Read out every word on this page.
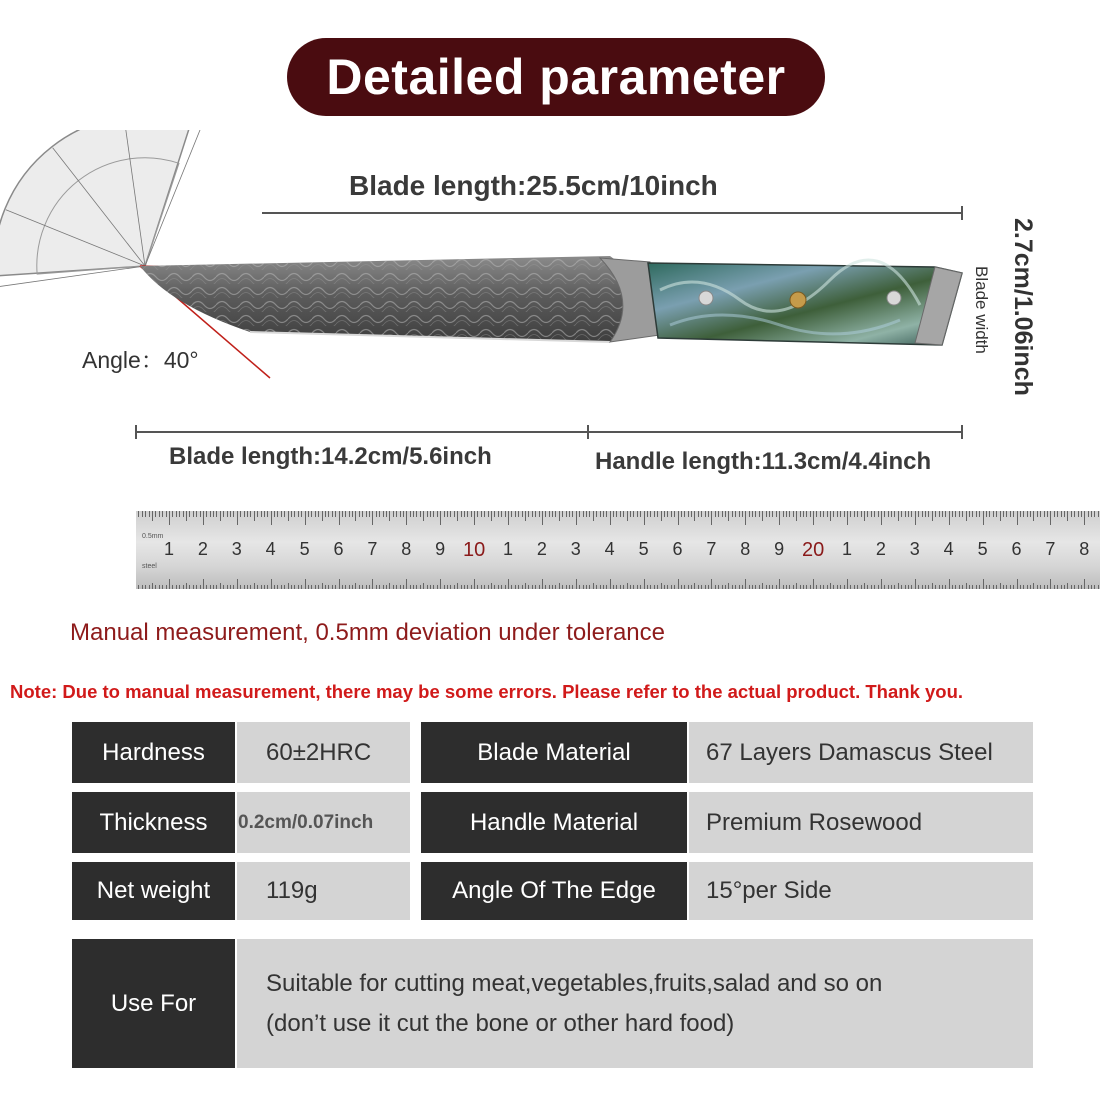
Detailed parameter
Blade length:25.5cm/10inch
Angle：40°
Blade width 2.7cm/1.06inch
Blade length:14.2cm/5.6inch	Handle length:11.3cm/4.4inch
0.5mm
steel
1 2 3 4 5 6 7 8 9 10 1 2 3 4 5 6 7 8 9 20 1 2 3 4 5 6 7 8
Manual measurement, 0.5mm deviation under tolerance
Note: Due to manual measurement, there may be some errors. Please refer to the actual product. Thank you.
Hardness	60±2HRC	Blade Material	67 Layers Damascus Steel
Thickness	0.2cm/0.07inch	Handle Material	Premium Rosewood
Net weight	119g	Angle Of The Edge	15°per Side
Use For
Suitable for cutting meat,vegetables,fruits,salad and so on
(don’t use it cut the bone or other hard food)
